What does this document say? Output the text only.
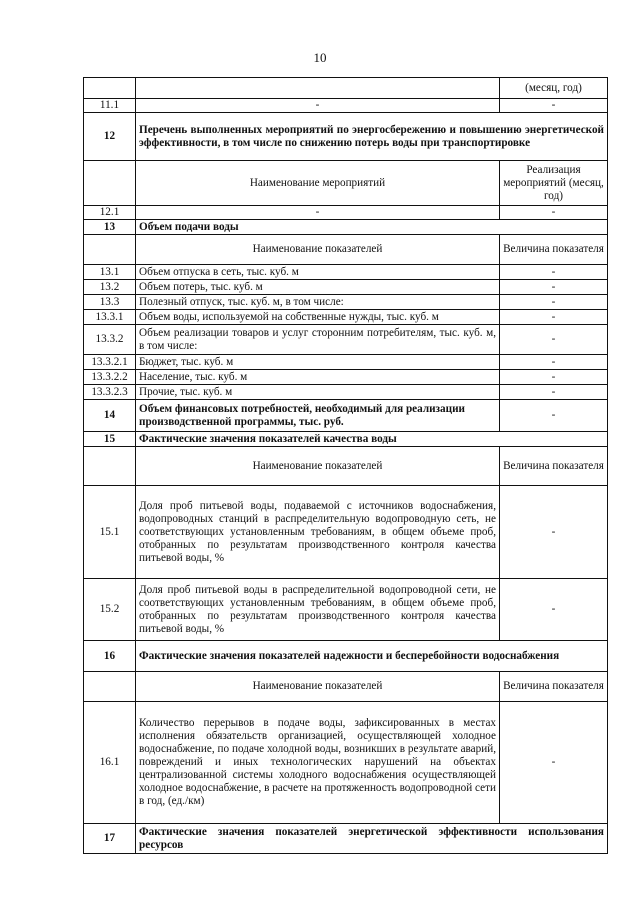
10
		(месяц, год)
11.1	-	-
12	Перечень выполненных мероприятий по энергосбережению и повышению энергетической эффективности, в том числе по снижению потерь воды при транспортировке	
	Наименование мероприятий	Реализация мероприятий (месяц, год)
12.1	-	-
13	Объем подачи воды	
	Наименование показателей	Величина показателя
13.1	Объем отпуска в сеть, тыс. куб. м	-
13.2	Объем потерь, тыс. куб. м	-
13.3	Полезный отпуск, тыс. куб. м, в том числе:	-
13.3.1	Объем воды, используемой на собственные нужды, тыс. куб. м	-
13.3.2	Объем реализации товаров и услуг сторонним потребителям, тыс. куб. м, в том числе:	-
13.3.2.1	Бюджет, тыс. куб. м	-
13.3.2.2	Население, тыс. куб. м	-
13.3.2.3	Прочие, тыс. куб. м	-
14	Объем финансовых потребностей, необходимый для реализации производственной программы, тыс. руб.	-
15	Фактические значения показателей качества воды	
	Наименование показателей	Величина показателя
15.1	Доля проб питьевой воды, подаваемой с источников водоснабжения, водопроводных станций в распределительную водопроводную сеть, не соответствующих установленным требованиям, в общем объеме проб, отобранных по результатам производственного контроля качества питьевой воды, %	-
15.2	Доля проб питьевой воды в распределительной водопроводной сети, не соответствующих установленным требованиям, в общем объеме проб, отобранных по результатам производственного контроля качества питьевой воды, %	-
16	Фактические значения показателей надежности и бесперебойности водоснабжения	
	Наименование показателей	Величина показателя
16.1	Количество перерывов в подаче воды, зафиксированных в местах исполнения обязательств организацией, осуществляющей холодное водоснабжение, по подаче холодной воды, возникших в результате аварий, повреждений и иных технологических нарушений на объектах централизованной системы холодного водоснабжения осуществляющей холодное водоснабжение, в расчете на протяженность водопроводной сети в год, (ед./км)	-
17	Фактические значения показателей энергетической эффективности использования ресурсов	
